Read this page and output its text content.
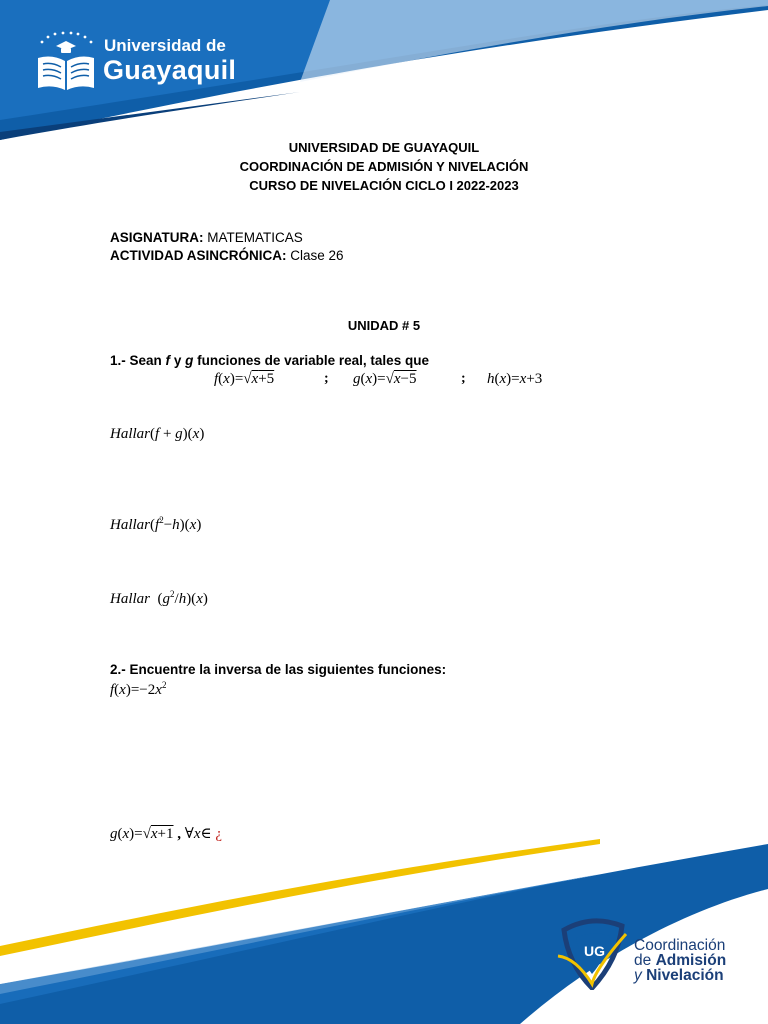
Universidad de
Guayaquil
UNIVERSIDAD DE GUAYAQUIL
COORDINACIÓN DE ADMISIÓN Y NIVELACIÓN
CURSO DE NIVELACIÓN CICLO I 2022-2023
ASIGNATURA: MATEMATICAS
ACTIVIDAD ASINCRÓNICA: Clase 26
UNIDAD # 5
1.- Sean f y g funciones de variable real, tales que
f(x)=√x+5	; g(x)=√x−5	; h(x)=x+3
Hallar(f + g)(x)
$Hallar(f^2-h)(x)$
Hallar $(g^2/h)(x)$
2.- Encuentre la inversa de las siguientes funciones:
$f(x)=-2x^2$
g(x)=√x+1 , ∀x∈ ¿
UG Coordinación
de Admisión
y Nivelación
